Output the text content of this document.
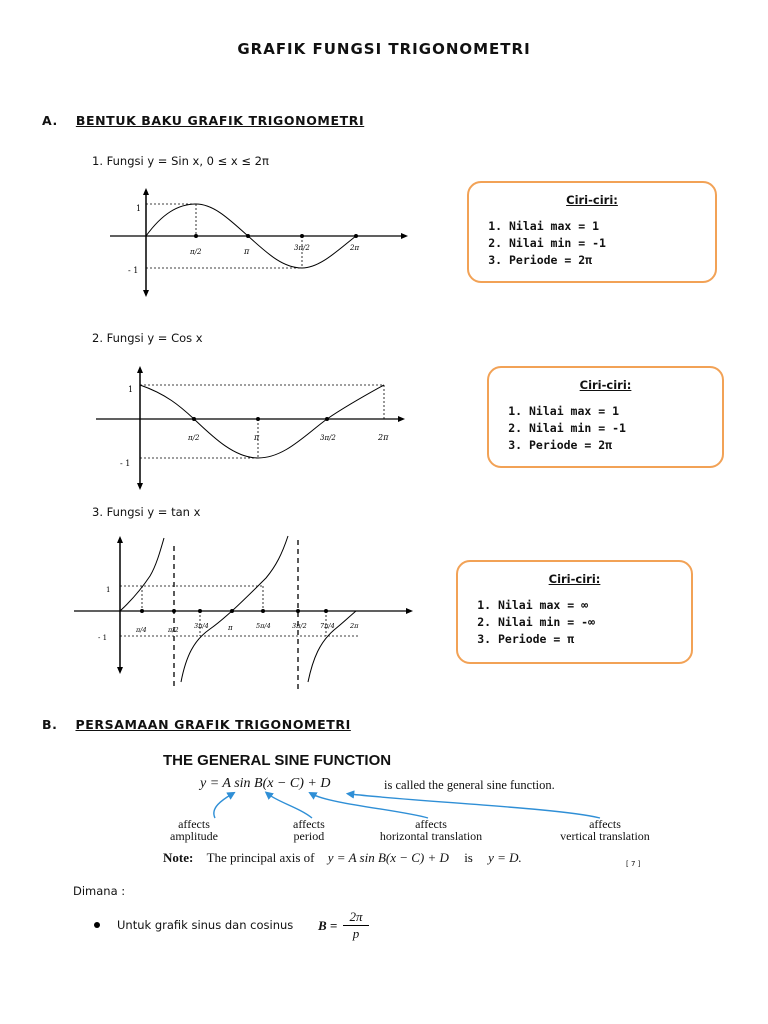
GRAFIK FUNGSI TRIGONOMETRI
A. BENTUK BAKU GRAFIK TRIGONOMETRI
1. Fungsi y = Sin x, 0 ≤ x ≤ 2π
1
- 1
π/2	π	3π/2	2π
Ciri-ciri:
1. Nilai max = 1
2. Nilai min = -1
3. Periode = 2π
2. Fungsi y = Cos x
1
- 1
π/2	π	3π/2	2π
Ciri-ciri:
1. Nilai max = 1
2. Nilai min = -1
3. Periode = 2π
3. Fungsi y = tan x
1
- 1
π/4	π/2 3π/4	π	5π/4	3π/2 7π/4 2π
Ciri-ciri:
1. Nilai max = ∞
2. Nilai min = -∞
3. Periode = π
B. PERSAMAAN GRAFIK TRIGONOMETRI
THE GENERAL SINE FUNCTION
y = A sin B(x − C) + D	is called the general sine function.
affects
amplitude
affects
period
affects
horizontal translation
affects
vertical translation
Note: The principal axis of y = A sin B(x − C) + D is y = D.	[ 7 ]
Dimana :
Untuk grafik sinus dan cosinus $B = \frac{2\pi}{p}$
